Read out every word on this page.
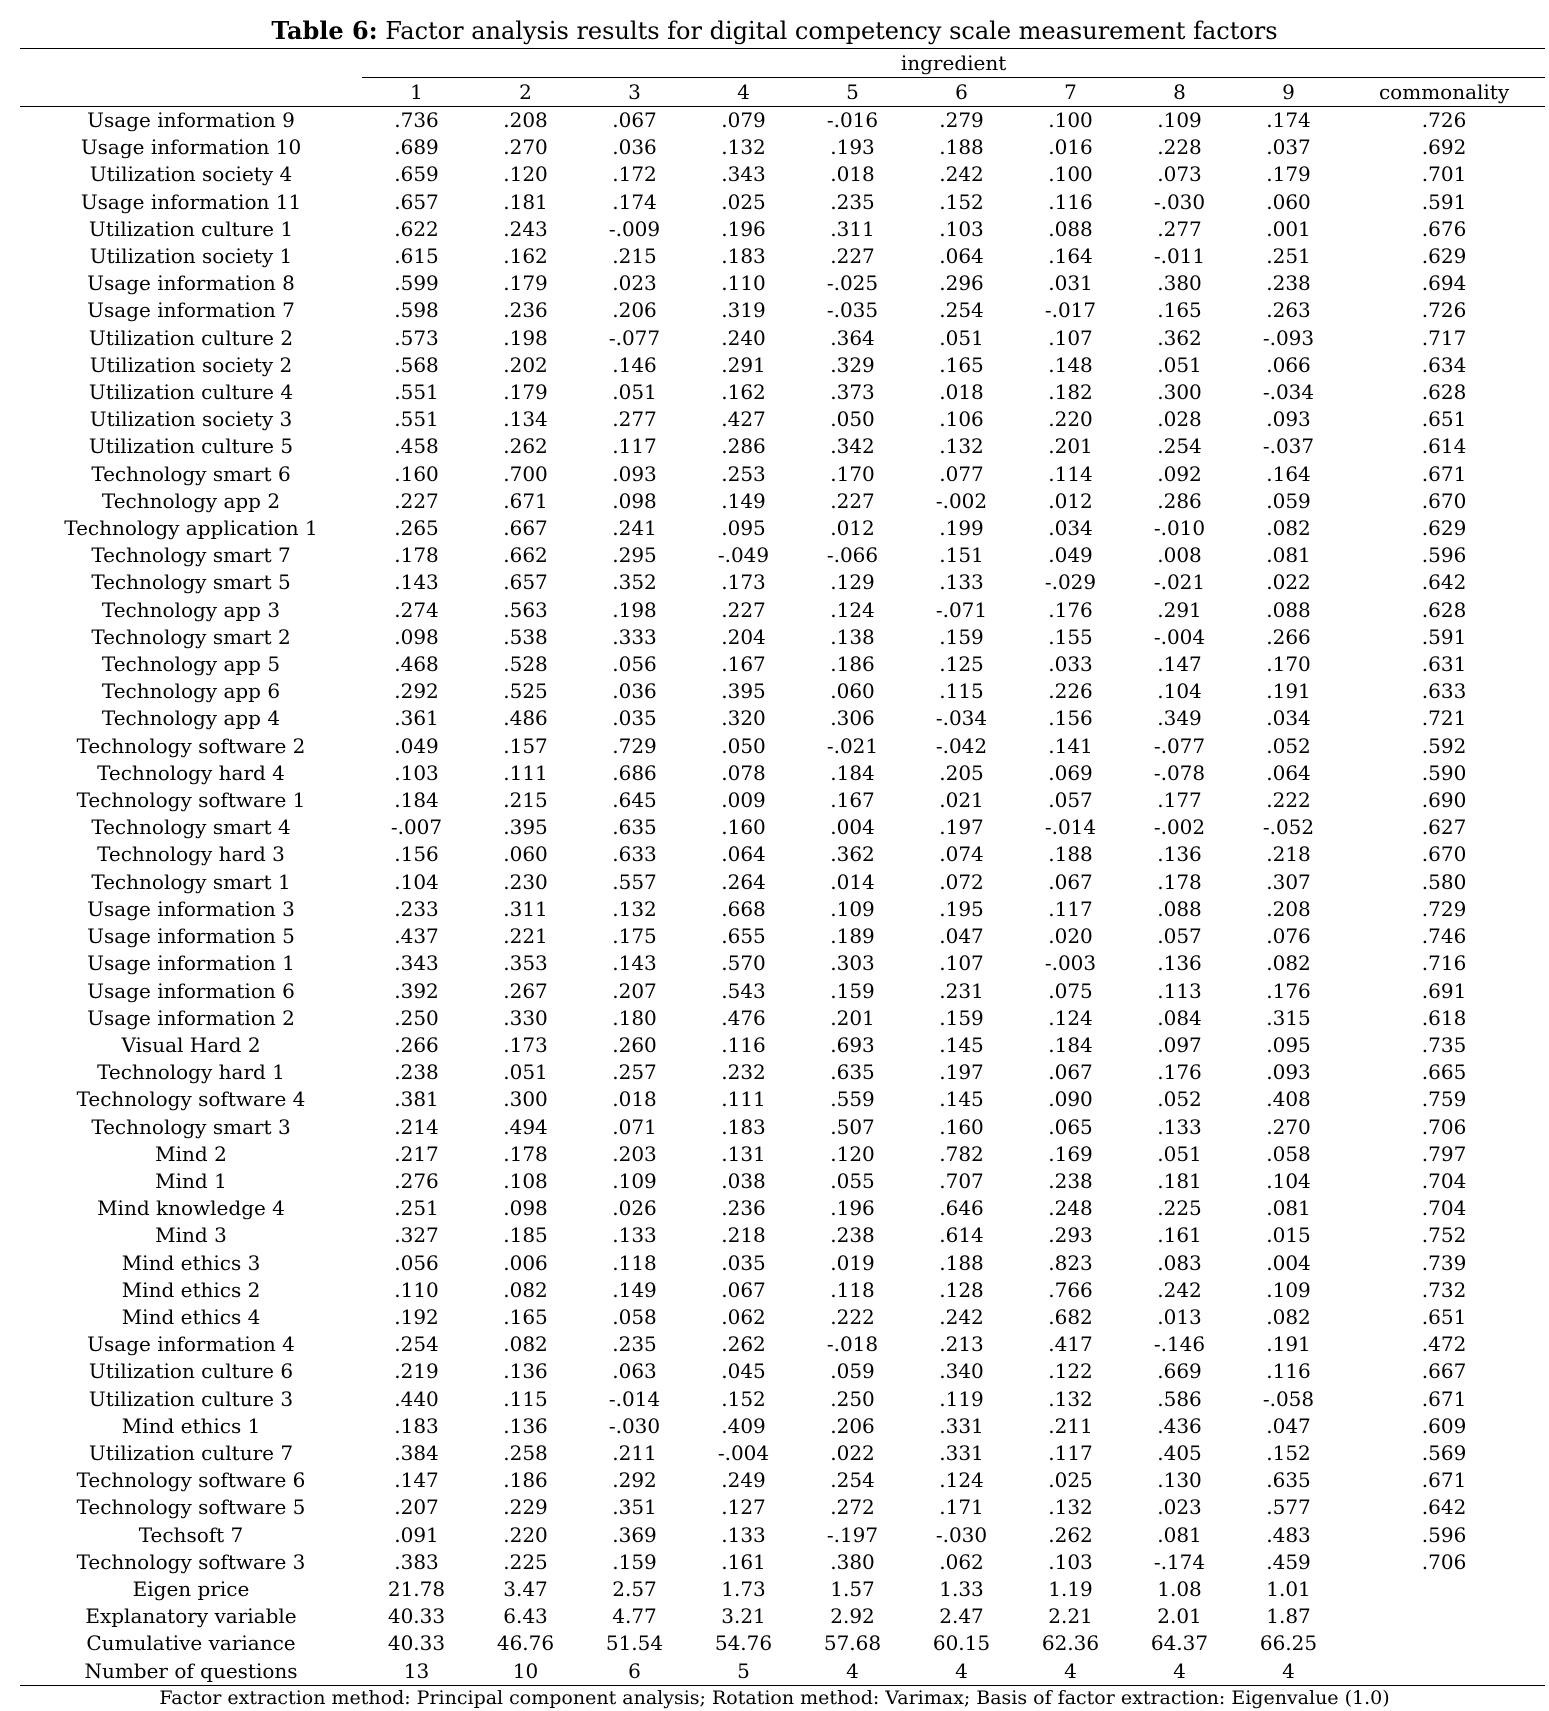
Table 6: Factor analysis results for digital competency scale measurement factors
	ingredient									
	1	2	3	4	5	6	7	8	9	commonality
Usage information 9	.736	.208	.067	.079	-.016	.279	.100	.109	.174	.726
Usage information 10	.689	.270	.036	.132	.193	.188	.016	.228	.037	.692
Utilization society 4	.659	.120	.172	.343	.018	.242	.100	.073	.179	.701
Usage information 11	.657	.181	.174	.025	.235	.152	.116	-.030	.060	.591
Utilization culture 1	.622	.243	-.009	.196	.311	.103	.088	.277	.001	.676
Utilization society 1	.615	.162	.215	.183	.227	.064	.164	-.011	.251	.629
Usage information 8	.599	.179	.023	.110	-.025	.296	.031	.380	.238	.694
Usage information 7	.598	.236	.206	.319	-.035	.254	-.017	.165	.263	.726
Utilization culture 2	.573	.198	-.077	.240	.364	.051	.107	.362	-.093	.717
Utilization society 2	.568	.202	.146	.291	.329	.165	.148	.051	.066	.634
Utilization culture 4	.551	.179	.051	.162	.373	.018	.182	.300	-.034	.628
Utilization society 3	.551	.134	.277	.427	.050	.106	.220	.028	.093	.651
Utilization culture 5	.458	.262	.117	.286	.342	.132	.201	.254	-.037	.614
Technology smart 6	.160	.700	.093	.253	.170	.077	.114	.092	.164	.671
Technology app 2	.227	.671	.098	.149	.227	-.002	.012	.286	.059	.670
Technology application 1	.265	.667	.241	.095	.012	.199	.034	-.010	.082	.629
Technology smart 7	.178	.662	.295	-.049	-.066	.151	.049	.008	.081	.596
Technology smart 5	.143	.657	.352	.173	.129	.133	-.029	-.021	.022	.642
Technology app 3	.274	.563	.198	.227	.124	-.071	.176	.291	.088	.628
Technology smart 2	.098	.538	.333	.204	.138	.159	.155	-.004	.266	.591
Technology app 5	.468	.528	.056	.167	.186	.125	.033	.147	.170	.631
Technology app 6	.292	.525	.036	.395	.060	.115	.226	.104	.191	.633
Technology app 4	.361	.486	.035	.320	.306	-.034	.156	.349	.034	.721
Technology software 2	.049	.157	.729	.050	-.021	-.042	.141	-.077	.052	.592
Technology hard 4	.103	.111	.686	.078	.184	.205	.069	-.078	.064	.590
Technology software 1	.184	.215	.645	.009	.167	.021	.057	.177	.222	.690
Technology smart 4	-.007	.395	.635	.160	.004	.197	-.014	-.002	-.052	.627
Technology hard 3	.156	.060	.633	.064	.362	.074	.188	.136	.218	.670
Technology smart 1	.104	.230	.557	.264	.014	.072	.067	.178	.307	.580
Usage information 3	.233	.311	.132	.668	.109	.195	.117	.088	.208	.729
Usage information 5	.437	.221	.175	.655	.189	.047	.020	.057	.076	.746
Usage information 1	.343	.353	.143	.570	.303	.107	-.003	.136	.082	.716
Usage information 6	.392	.267	.207	.543	.159	.231	.075	.113	.176	.691
Usage information 2	.250	.330	.180	.476	.201	.159	.124	.084	.315	.618
Visual Hard 2	.266	.173	.260	.116	.693	.145	.184	.097	.095	.735
Technology hard 1	.238	.051	.257	.232	.635	.197	.067	.176	.093	.665
Technology software 4	.381	.300	.018	.111	.559	.145	.090	.052	.408	.759
Technology smart 3	.214	.494	.071	.183	.507	.160	.065	.133	.270	.706
Mind 2	.217	.178	.203	.131	.120	.782	.169	.051	.058	.797
Mind 1	.276	.108	.109	.038	.055	.707	.238	.181	.104	.704
Mind knowledge 4	.251	.098	.026	.236	.196	.646	.248	.225	.081	.704
Mind 3	.327	.185	.133	.218	.238	.614	.293	.161	.015	.752
Mind ethics 3	.056	.006	.118	.035	.019	.188	.823	.083	.004	.739
Mind ethics 2	.110	.082	.149	.067	.118	.128	.766	.242	.109	.732
Mind ethics 4	.192	.165	.058	.062	.222	.242	.682	.013	.082	.651
Usage information 4	.254	.082	.235	.262	-.018	.213	.417	-.146	.191	.472
Utilization culture 6	.219	.136	.063	.045	.059	.340	.122	.669	.116	.667
Utilization culture 3	.440	.115	-.014	.152	.250	.119	.132	.586	-.058	.671
Mind ethics 1	.183	.136	-.030	.409	.206	.331	.211	.436	.047	.609
Utilization culture 7	.384	.258	.211	-.004	.022	.331	.117	.405	.152	.569
Technology software 6	.147	.186	.292	.249	.254	.124	.025	.130	.635	.671
Technology software 5	.207	.229	.351	.127	.272	.171	.132	.023	.577	.642
Techsoft 7	.091	.220	.369	.133	-.197	-.030	.262	.081	.483	.596
Technology software 3	.383	.225	.159	.161	.380	.062	.103	-.174	.459	.706
Eigen price	21.78	3.47	2.57	1.73	1.57	1.33	1.19	1.08	1.01	
Explanatory variable	40.33	6.43	4.77	3.21	2.92	2.47	2.21	2.01	1.87	
Cumulative variance	40.33	46.76	51.54	54.76	57.68	60.15	62.36	64.37	66.25	
Number of questions	13	10	6	5	4	4	4	4	4	
Factor extraction method: Principal component analysis; Rotation method: Varimax; Basis of factor extraction: Eigenvalue (1.0)
